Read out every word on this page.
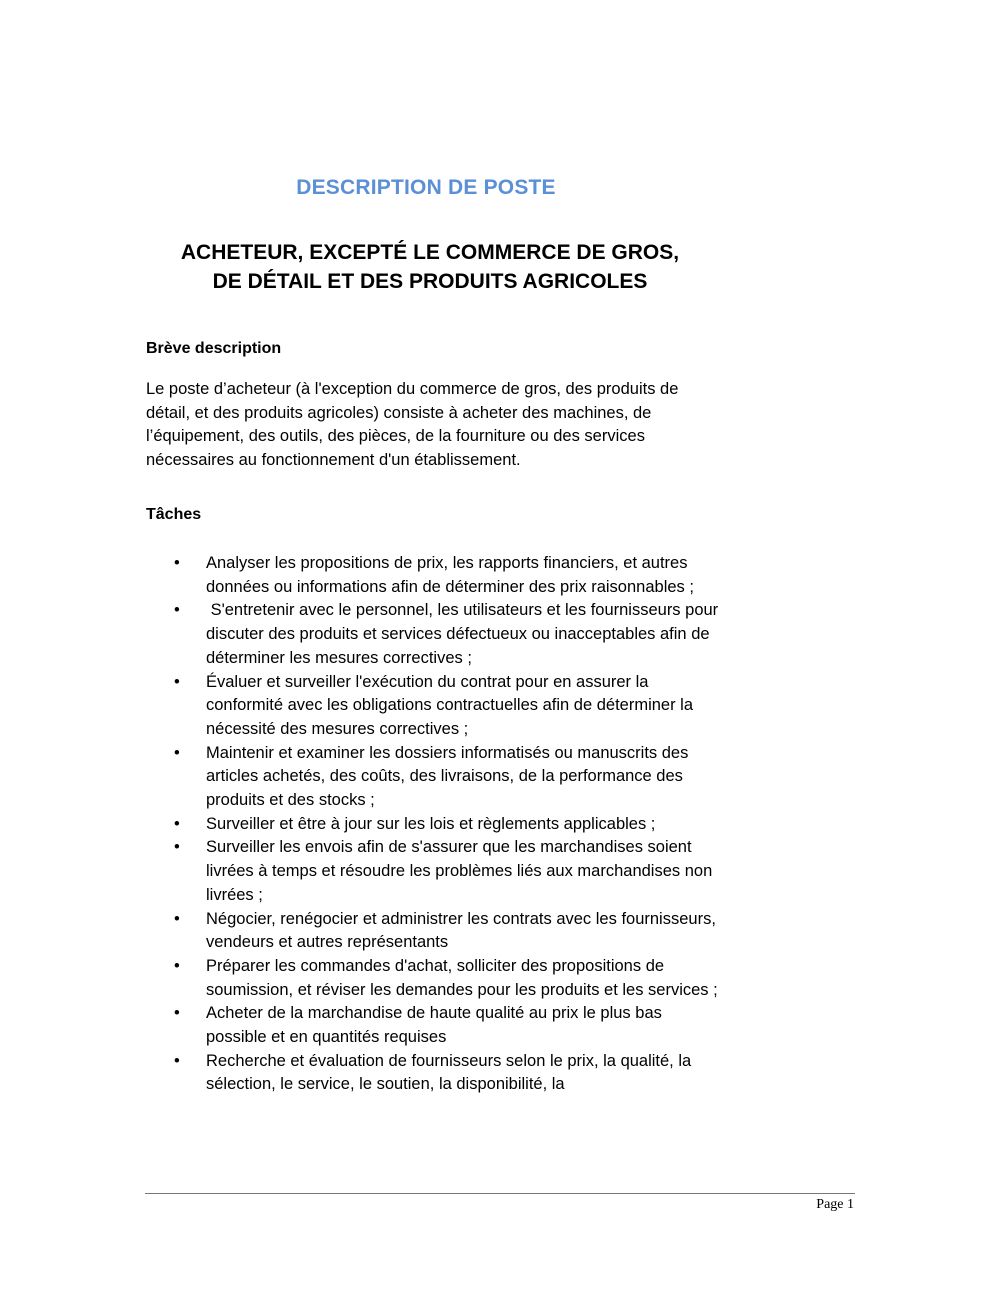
DESCRIPTION DE POSTE
ACHETEUR, EXCEPTÉ LE COMMERCE DE GROS,
DE DÉTAIL ET DES PRODUITS AGRICOLES
Brève description
Le poste d’acheteur (à l'exception du commerce de gros, des produits de détail, et des produits agricoles) consiste à acheter des machines, de l’équipement, des outils, des pièces, de la fourniture ou des services nécessaires au fonctionnement d'un établissement.
Tâches
• Analyser les propositions de prix, les rapports financiers, et autres données ou informations afin de déterminer des prix raisonnables ;
• S'entretenir avec le personnel, les utilisateurs et les fournisseurs pour discuter des produits et services défectueux ou inacceptables afin de déterminer les mesures correctives ;
• Évaluer et surveiller l'exécution du contrat pour en assurer la conformité avec les obligations contractuelles afin de déterminer la nécessité des mesures correctives ;
• Maintenir et examiner les dossiers informatisés ou manuscrits des articles achetés, des coûts, des livraisons, de la performance des produits et des stocks ;
• Surveiller et être à jour sur les lois et règlements applicables ;
• Surveiller les envois afin de s'assurer que les marchandises soient livrées à temps et résoudre les problèmes liés aux marchandises non livrées ;
• Négocier, renégocier et administrer les contrats avec les fournisseurs, vendeurs et autres représentants
• Préparer les commandes d'achat, solliciter des propositions de soumission, et réviser les demandes pour les produits et les services ;
• Acheter de la marchandise de haute qualité au prix le plus bas possible et en quantités requises
• Recherche et évaluation de fournisseurs selon le prix, la qualité, la sélection, le service, le soutien, la disponibilité, la
Page 1
